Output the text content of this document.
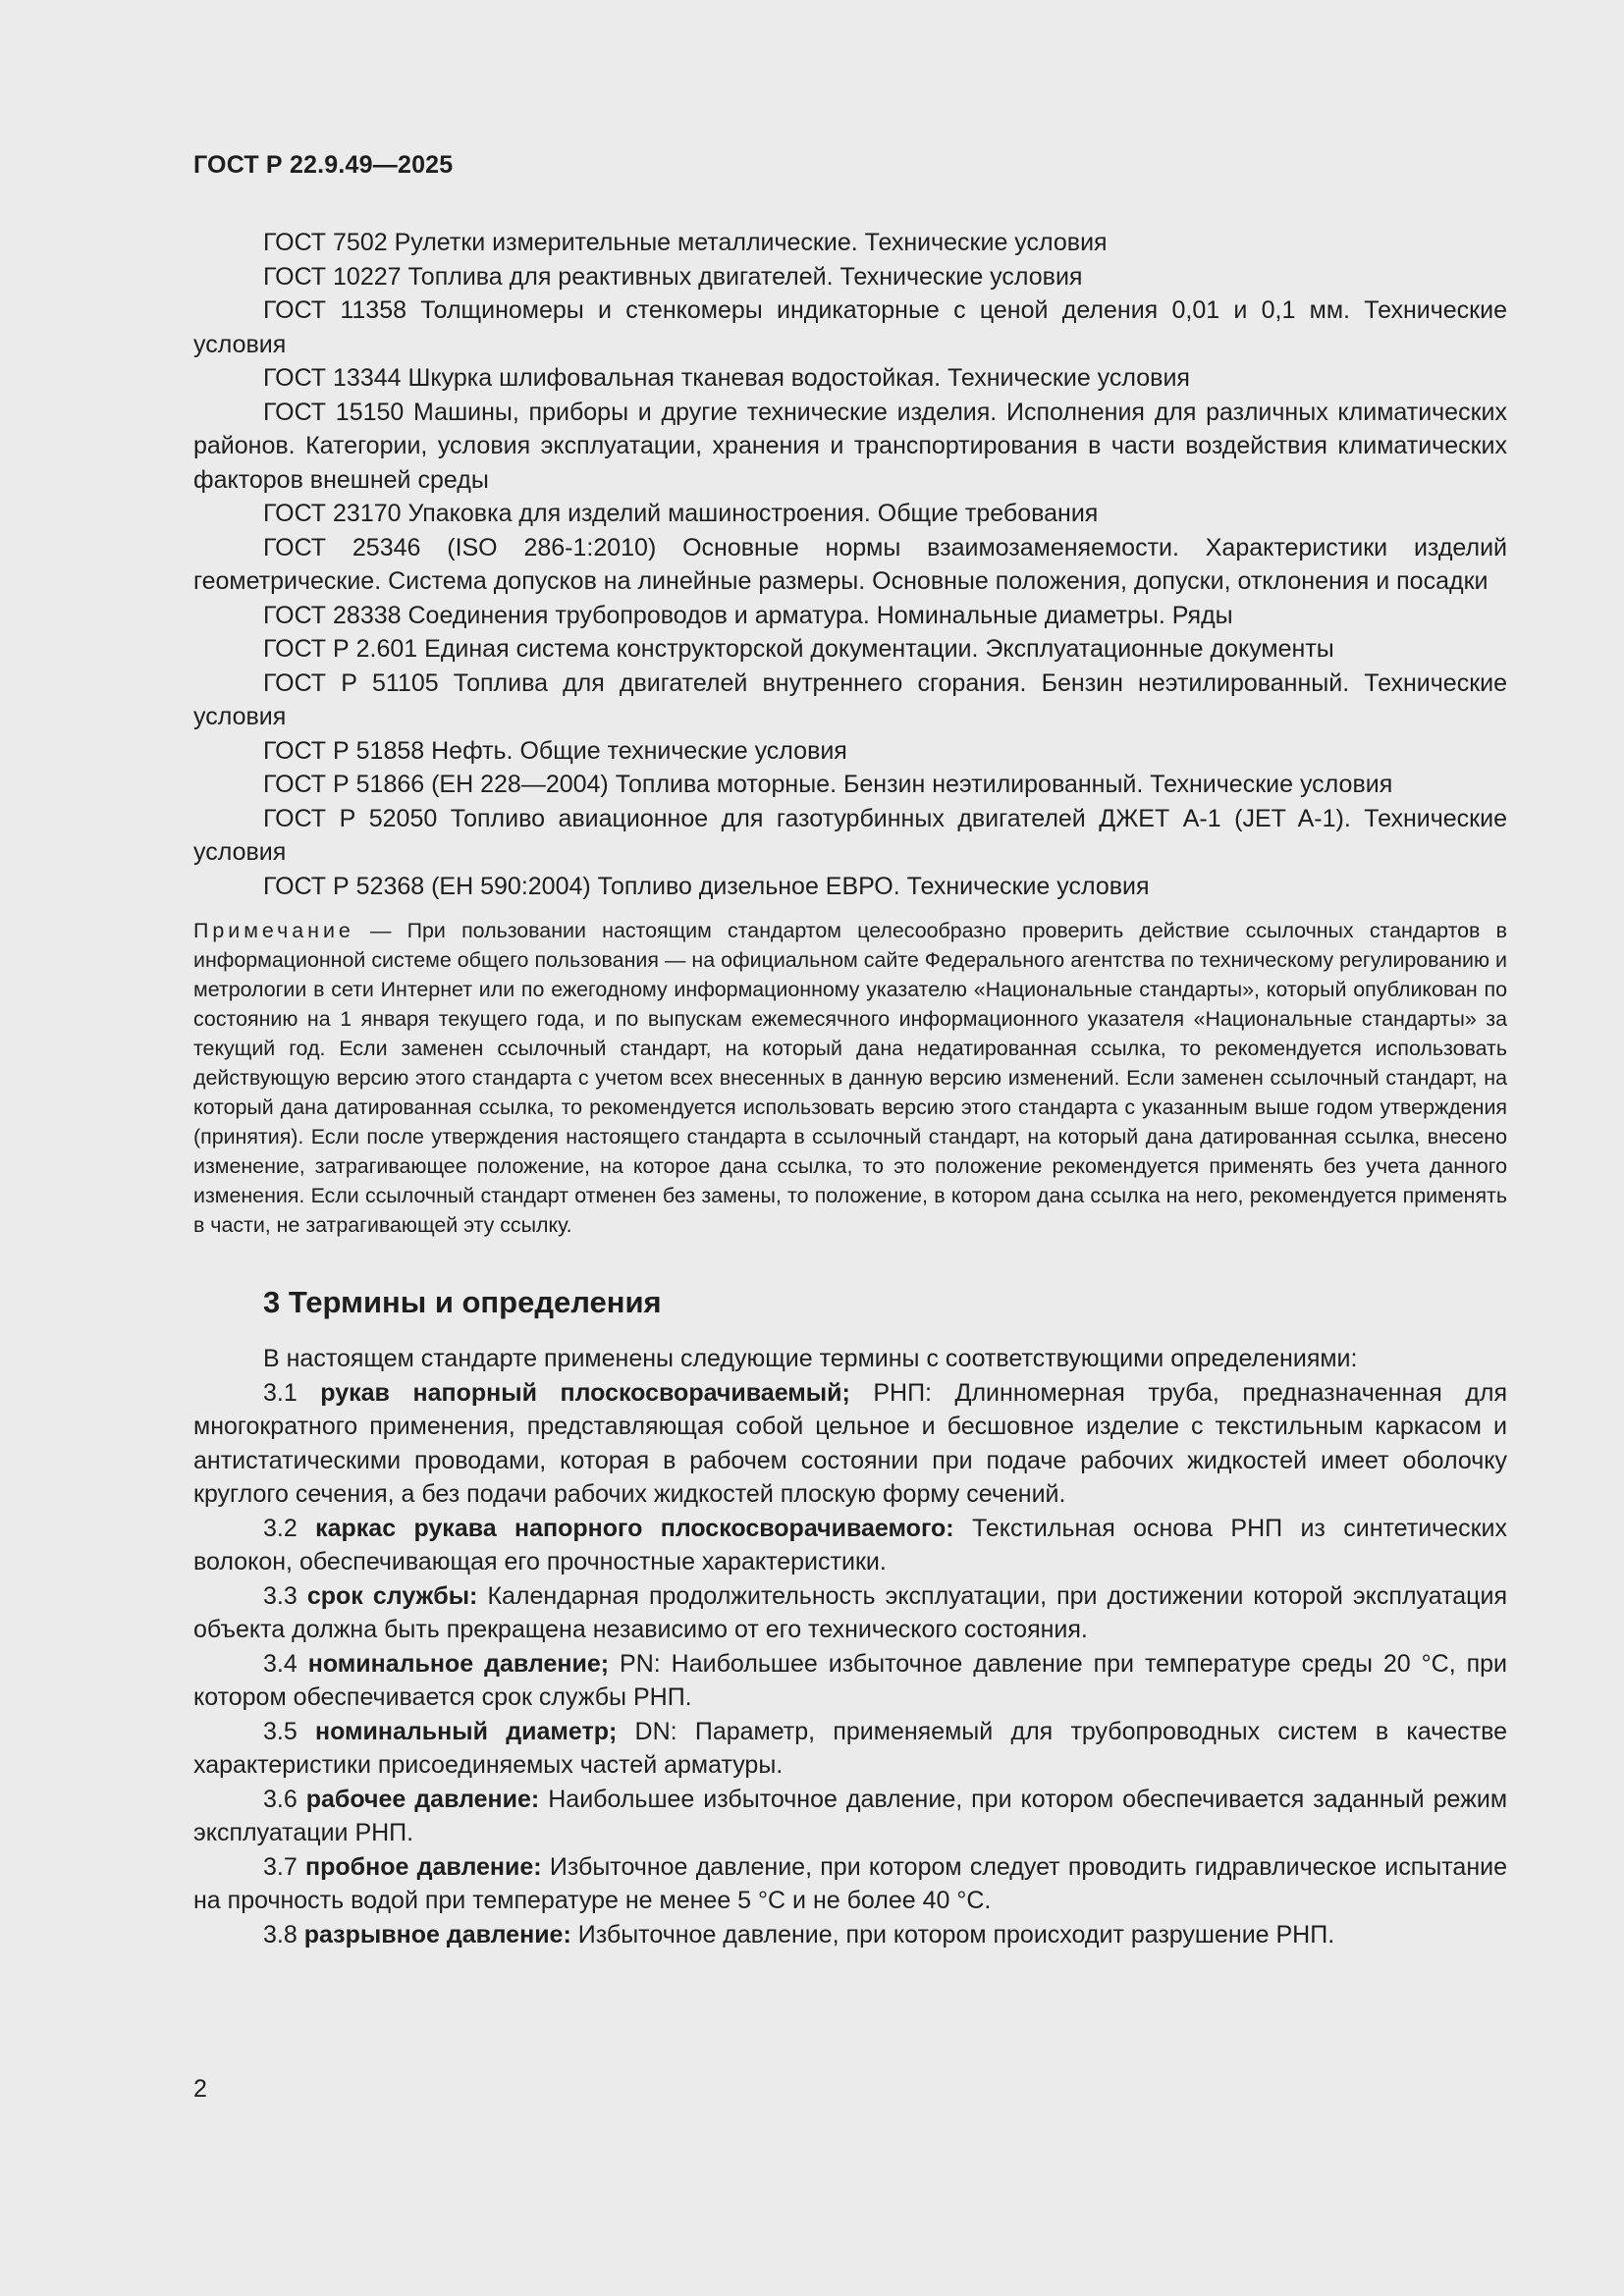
ГОСТ Р 22.9.49—2025

ГОСТ 7502 Рулетки измерительные металлические. Технические условия

ГОСТ 10227 Топлива для реактивных двигателей. Технические условия

ГОСТ 11358 Толщиномеры и стенкомеры индикаторные с ценой деления 0,01 и 0,1 мм. Технические условия

ГОСТ 13344 Шкурка шлифовальная тканевая водостойкая. Технические условия

ГОСТ 15150 Машины, приборы и другие технические изделия. Исполнения для различных климатических районов. Категории, условия эксплуатации, хранения и транспортирования в части воздействия климатических факторов внешней среды

ГОСТ 23170 Упаковка для изделий машиностроения. Общие требования

ГОСТ 25346 (ISO 286-1:2010) Основные нормы взаимозаменяемости. Характеристики изделий геометрические. Система допусков на линейные размеры. Основные положения, допуски, отклонения и посадки

ГОСТ 28338 Соединения трубопроводов и арматура. Номинальные диаметры. Ряды

ГОСТ Р 2.601 Единая система конструкторской документации. Эксплуатационные документы

ГОСТ Р 51105 Топлива для двигателей внутреннего сгорания. Бензин неэтилированный. Технические условия

ГОСТ Р 51858 Нефть. Общие технические условия

ГОСТ Р 51866 (ЕН 228—2004) Топлива моторные. Бензин неэтилированный. Технические условия

ГОСТ Р 52050 Топливо авиационное для газотурбинных двигателей ДЖЕТ А-1 (JET A-1). Технические условия

ГОСТ Р 52368 (ЕН 590:2004) Топливо дизельное ЕВРО. Технические условия

Примечание — При пользовании настоящим стандартом целесообразно проверить действие ссылочных стандартов в информационной системе общего пользования — на официальном сайте Федерального агентства по техническому регулированию и метрологии в сети Интернет или по ежегодному информационному указателю «Национальные стандарты», который опубликован по состоянию на 1 января текущего года, и по выпускам ежемесячного информационного указателя «Национальные стандарты» за текущий год. Если заменен ссылочный стандарт, на который дана недатированная ссылка, то рекомендуется использовать действующую версию этого стандарта с учетом всех внесенных в данную версию изменений. Если заменен ссылочный стандарт, на который дана датированная ссылка, то рекомендуется использовать версию этого стандарта с указанным выше годом утверждения (принятия). Если после утверждения настоящего стандарта в ссылочный стандарт, на который дана датированная ссылка, внесено изменение, затрагивающее положение, на которое дана ссылка, то это положение рекомендуется применять без учета данного изменения. Если ссылочный стандарт отменен без замены, то положение, в котором дана ссылка на него, рекомендуется применять в части, не затрагивающей эту ссылку.

3 Термины и определения

В настоящем стандарте применены следующие термины с соответствующими определениями:

3.1 рукав напорный плоскосворачиваемый; РНП: Длинномерная труба, предназначенная для многократного применения, представляющая собой цельное и бесшовное изделие с текстильным каркасом и антистатическими проводами, которая в рабочем состоянии при подаче рабочих жидкостей имеет оболочку круглого сечения, а без подачи рабочих жидкостей плоскую форму сечений.

3.2 каркас рукава напорного плоскосворачиваемого: Текстильная основа РНП из синтетических волокон, обеспечивающая его прочностные характеристики.

3.3 срок службы: Календарная продолжительность эксплуатации, при достижении которой эксплуатация объекта должна быть прекращена независимо от его технического состояния.

3.4 номинальное давление; PN: Наибольшее избыточное давление при температуре среды 20 °С, при котором обеспечивается срок службы РНП.

3.5 номинальный диаметр; DN: Параметр, применяемый для трубопроводных систем в качестве характеристики присоединяемых частей арматуры.

3.6 рабочее давление: Наибольшее избыточное давление, при котором обеспечивается заданный режим эксплуатации РНП.

3.7 пробное давление: Избыточное давление, при котором следует проводить гидравлическое испытание на прочность водой при температуре не менее 5 °С и не более 40 °С.

3.8 разрывное давление: Избыточное давление, при котором происходит разрушение РНП.

2
